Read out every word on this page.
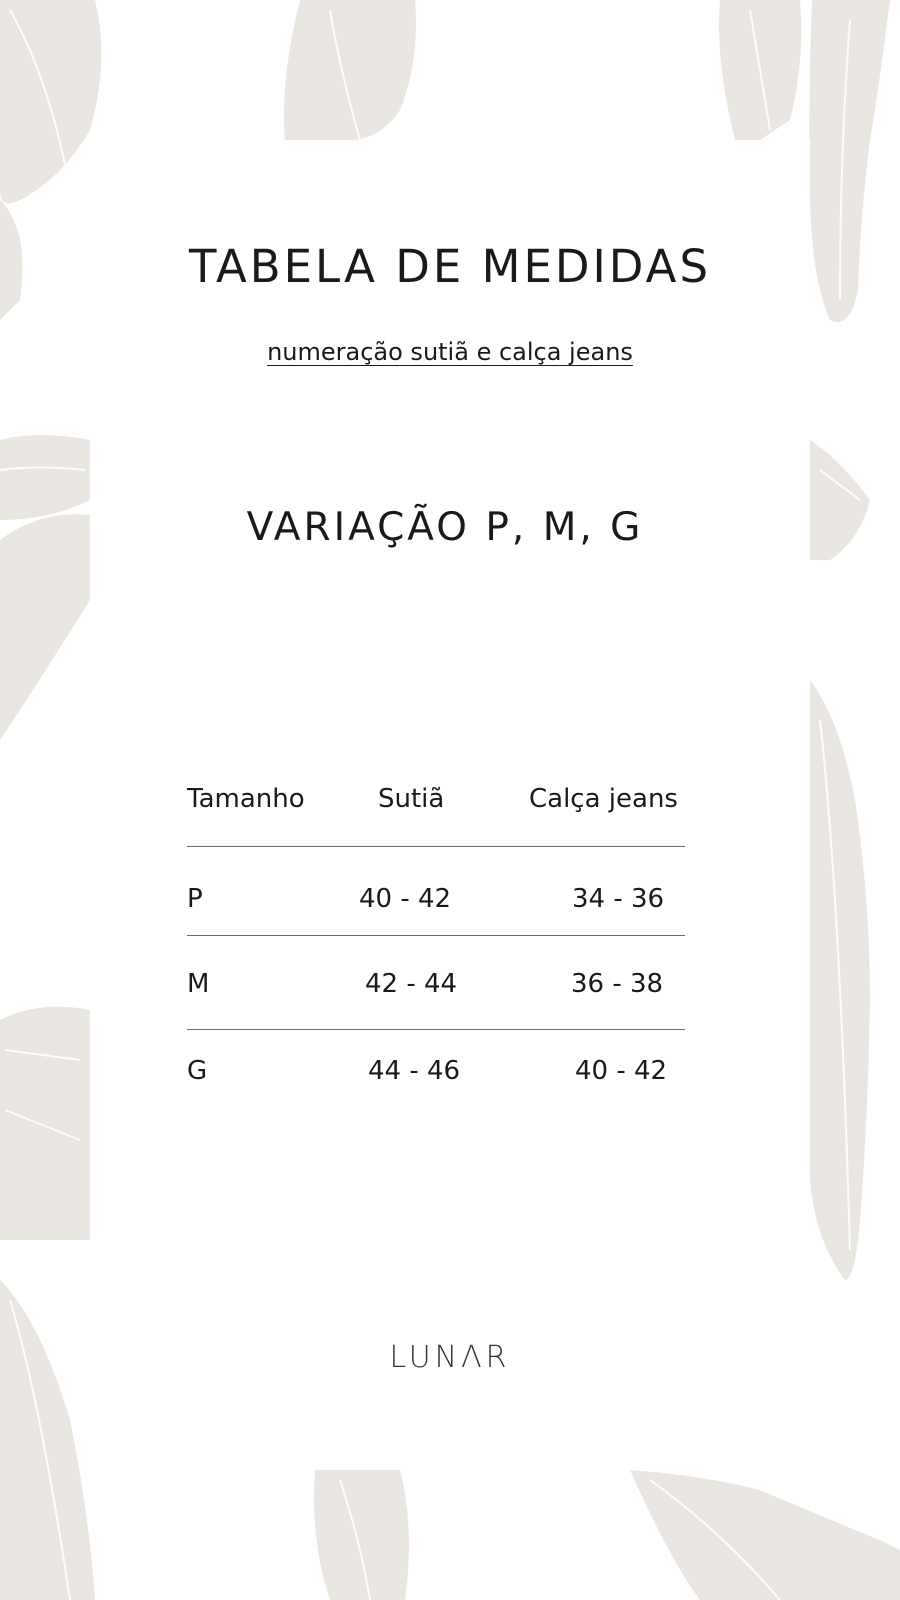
TABELA DE MEDIDAS
numeração sutiã e calça jeans
VARIAÇÃO P, M, G
Tamanho	Sutiã	Calça jeans
P	40 - 42	34 - 36
M	42 - 44	36 - 38
G	44 - 46	40 - 42
LUNΛR
